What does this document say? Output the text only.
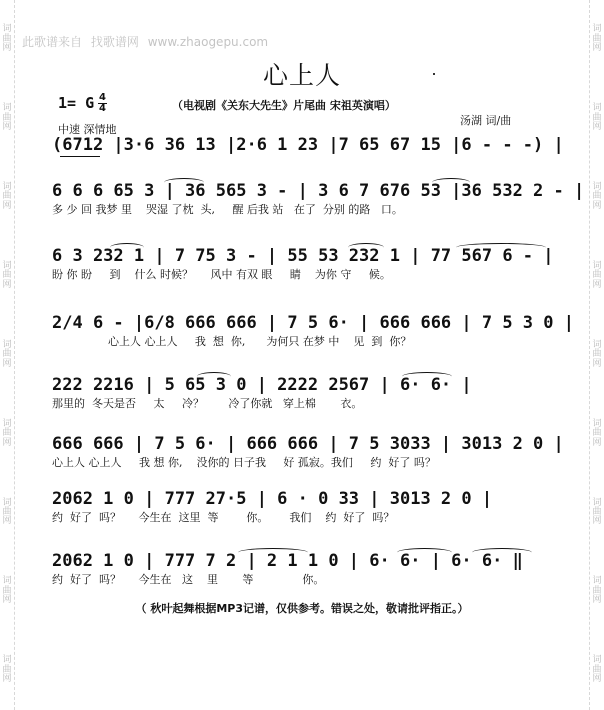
词
曲
网
词
曲
网
词
曲
网
词
曲
网
词
曲
网
词
曲
网
词
曲
网
词
曲
网
词
曲
网
词
曲
网
词
曲
网
词
曲
网
词
曲
网
词
曲
网
词
曲
网
词
曲
网
词
曲
网
词
曲
网
此歌谱来自 找歌谱网 www.zhaogepu.com
心上人
1= G 4
4	（电视剧《关东大先生》片尾曲 宋祖英演唱）
中速 深情地
汤湖 词/曲
(6712 |3·6 36 13 |2·6 1 23 |7 65 67 15 |6 - - -) |
6 6 6 65 3 | 36 565 3 - | 3 6 7 676 53 |36 532 2 - |
多 少 回 我梦 里    哭湿 了枕  头,     醒 后我 站   在了  分别 的路   口。
6 3 232 1 | 7 75 3 - | 55 53 232 1 | 77 567 6 - |
盼 你 盼     到    什么 时候？     风中 有双 眼     睛    为你 守     候。
2/4 6 - |6/8 666 666 | 7 5 6· | 666 666 | 7 5 3 0 |
心上人 心上人     我  想  你,      为何只 在梦 中    见  到  你？
222 2216 | 5 65 3 0 | 2222 2567 | 6· 6· |
那里的  冬天是否     太     冷？       冷了你就   穿上棉       衣。
666 666 | 7 5 6· | 666 666 | 7 5 3033 | 3013 2 0 |
心上人 心上人     我 想 你,    没你的 日子我     好 孤寂。我们     约  好了 吗？
2062 1 0 | 777 27·5 | 6 · 0 33 | 3013 2 0 |
约  好了  吗？     今生在  这里  等        你。      我们    约  好了  吗？
2062 1 0 | 777 7 2 | 2 1 1 0 | 6· 6· | 6· 6· ‖
约  好了  吗？     今生在   这    里       等              你。
（ 秋叶起舞根据MP3记谱，仅供参考。错误之处，敬请批评指正。）
